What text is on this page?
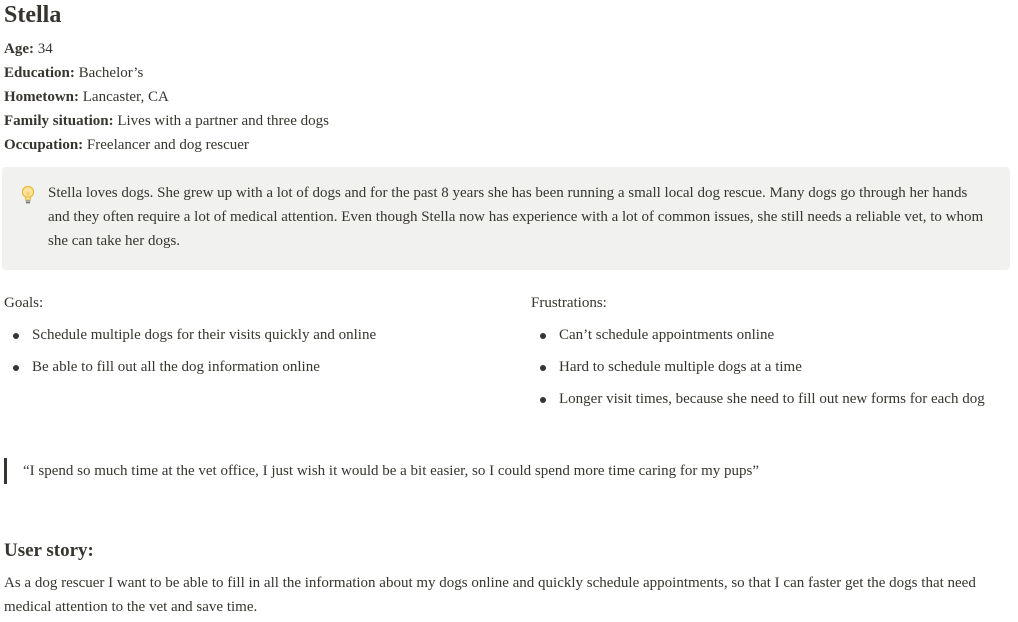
Stella
Age: 34
Education: Bachelor’s
Hometown: Lancaster, CA
Family situation: Lives with a partner and three dogs
Occupation: Freelancer and dog rescuer
Stella loves dogs. She grew up with a lot of dogs and for the past 8 years she has been running a small local dog rescue. Many dogs go through her hands and they often require a lot of medical attention. Even though Stella now has experience with a lot of common issues, she still needs a reliable vet, to whom she can take her dogs.
Goals:
Schedule multiple dogs for their visits quickly and online
Be able to fill out all the dog information online
Frustrations:
Can’t schedule appointments online
Hard to schedule multiple dogs at a time
Longer visit times, because she need to fill out new forms for each dog
“I spend so much time at the vet office, I just wish it would be a bit easier, so I could spend more time caring for my pups”
User story:
As a dog rescuer I want to be able to fill in all the information about my dogs online and quickly schedule appointments, so that I can faster get the dogs that need medical attention to the vet and save time.
